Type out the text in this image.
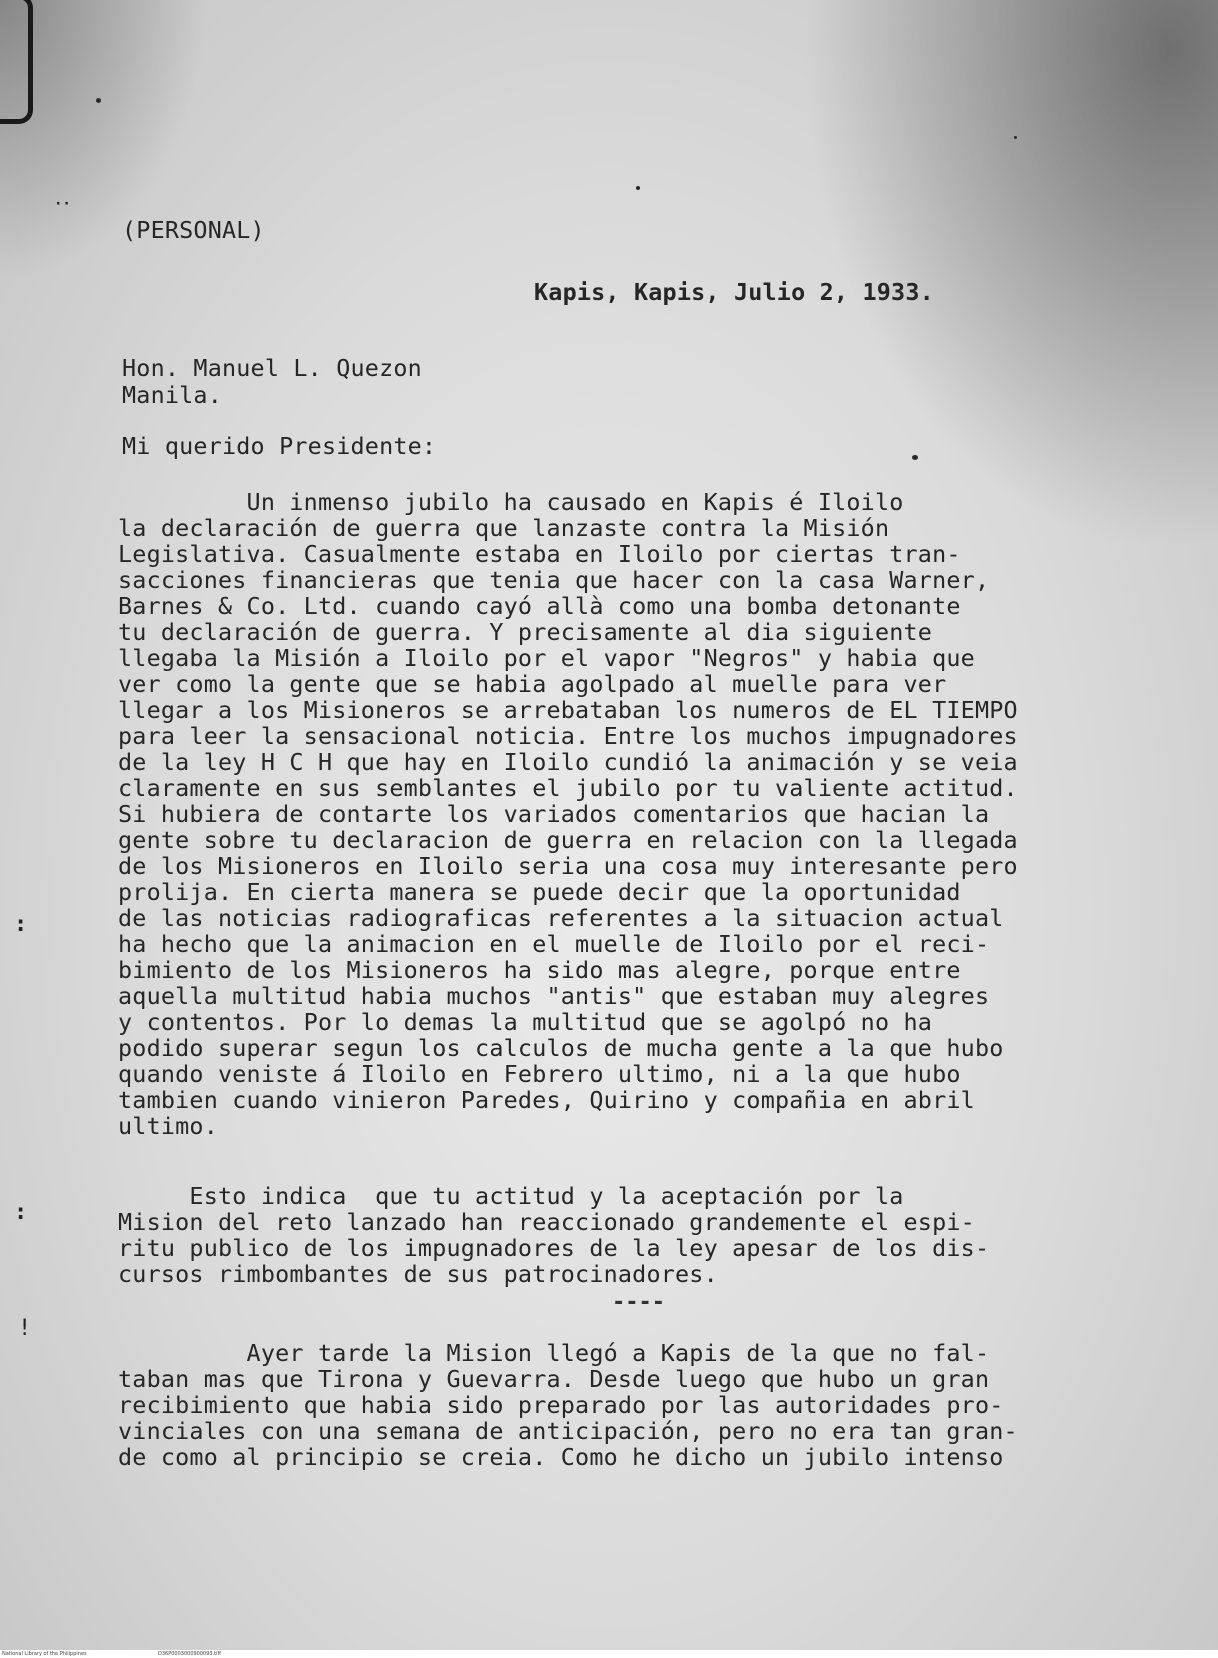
··
:
:
!

(PERSONAL)

Kapis, Kapis, Julio 2, 1933.

Hon. Manuel L. Quezon

Manila.

Mi querido Presidente:

Un inmenso jubilo ha causado en Kapis é Iloilo

la declaración de guerra que lanzaste contra la Misión

Legislativa. Casualmente estaba en Iloilo por ciertas tran-

sacciones financieras que tenia que hacer con la casa Warner,

Barnes & Co. Ltd. cuando cayó allà como una bomba detonante

tu declaración de guerra. Y precisamente al dia siguiente

llegaba la Misión a Iloilo por el vapor "Negros" y habia que

ver como la gente que se habia agolpado al muelle para ver

llegar a los Misioneros se arrebataban los numeros de EL TIEMPO

para leer la sensacional noticia. Entre los muchos impugnadores

de la ley H C H que hay en Iloilo cundió la animación y se veia

claramente en sus semblantes el jubilo por tu valiente actitud.

Si hubiera de contarte los variados comentarios que hacian la

gente sobre tu declaracion de guerra en relacion con la llegada

de los Misioneros en Iloilo seria una cosa muy interesante pero

prolija. En cierta manera se puede decir que la oportunidad

de las noticias radiograficas referentes a la situacion actual

ha hecho que la animacion en el muelle de Iloilo por el reci-

bimiento de los Misioneros ha sido mas alegre, porque entre

aquella multitud habia muchos "antis" que estaban muy alegres

y contentos. Por lo demas la multitud que se agolpó no ha

podido superar segun los calculos de mucha gente a la que hubo

quando veniste á Iloilo en Febrero ultimo, ni a la que hubo

tambien cuando vinieron Paredes, Quirino y compañia en abril

ultimo.

Esto indica  que tu actitud y la aceptación por la

Mision del reto lanzado han reaccionado grandemente el espi-

ritu publico de los impugnadores de la ley apesar de los dis-

cursos rimbombantes de sus patrocinadores.

----

Ayer tarde la Mision llegó a Kapis de la que no fal-

taban mas que Tirona y Guevarra. Desde luego que hubo un gran

recibimiento que habia sido preparado por las autoridades pro-

vinciales con una semana de anticipación, pero no era tan gran-

de como al principio se creia. Como he dicho un jubilo intenso

National Library of the Philippines	D36P0003000900093.tiff
